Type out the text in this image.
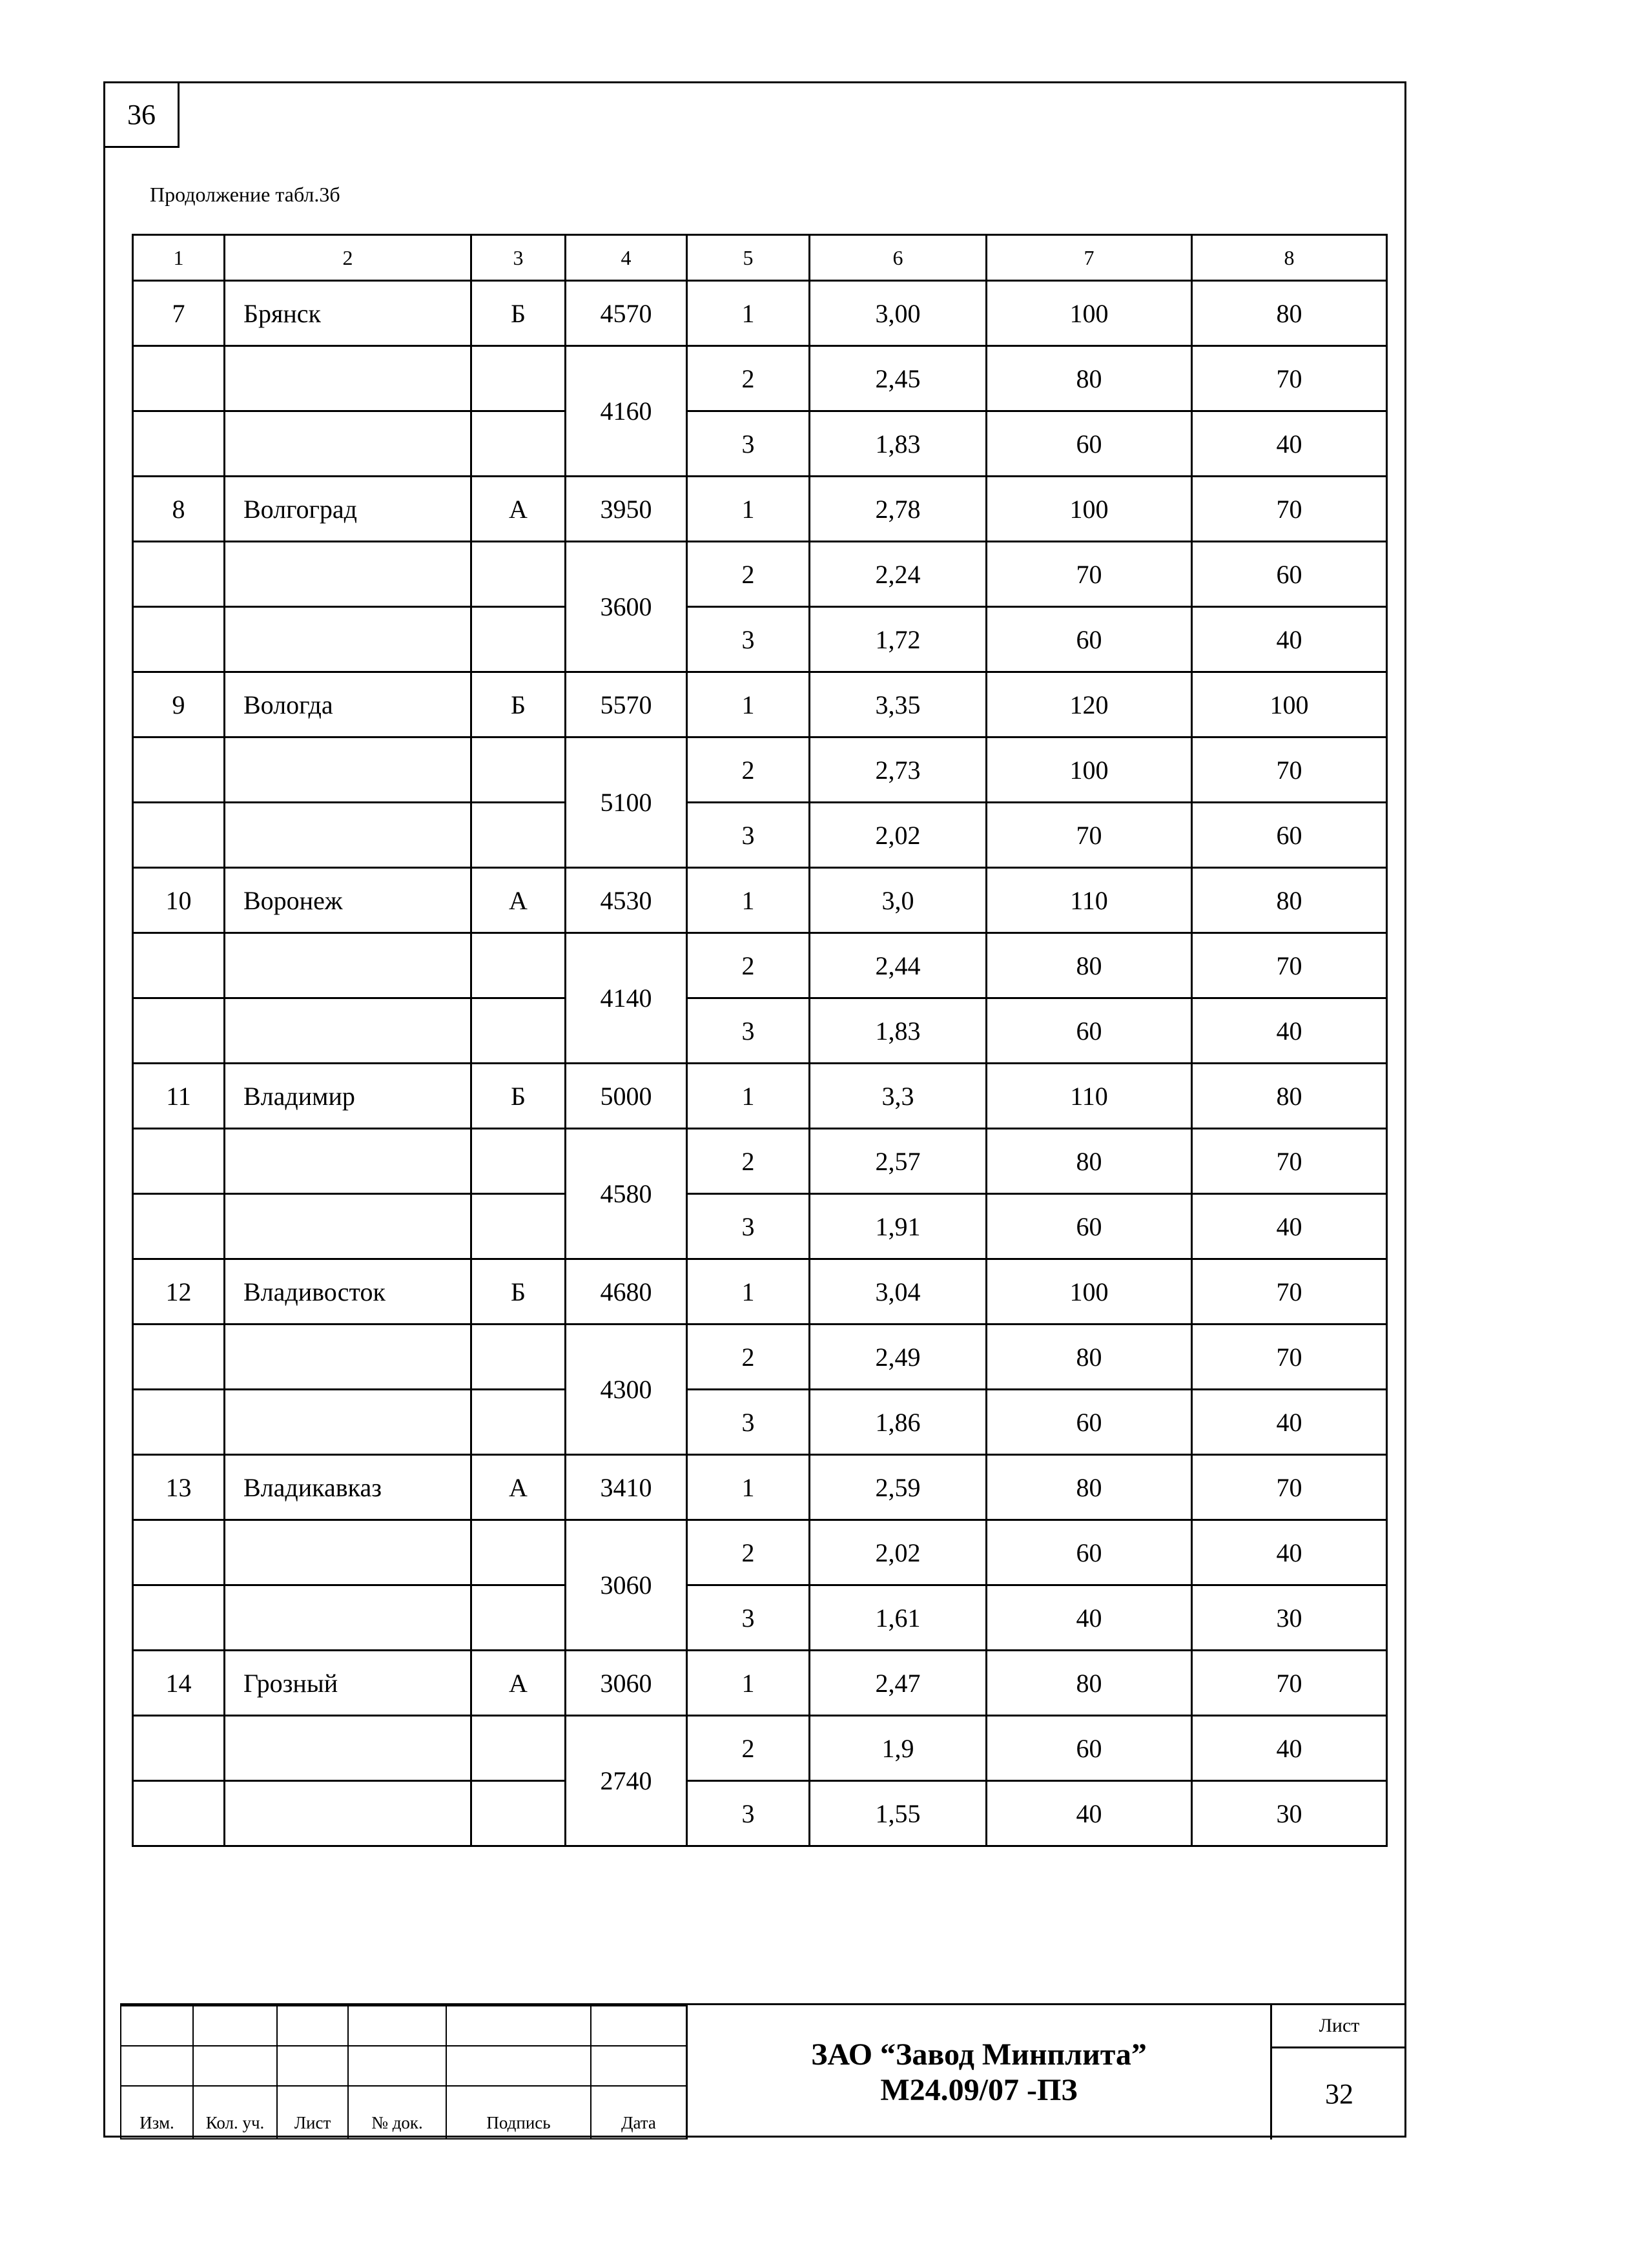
36
Продолжение табл.3б
1	2	3	4	5	6	7	8
7	Брянск	Б	4570	1	3,00	100	80
			4160	2	2,45	80	70
				3	1,83	60	40
8	Волгоград	А	3950	1	2,78	100	70
			3600	2	2,24	70	60
				3	1,72	60	40
9	Вологда	Б	5570	1	3,35	120	100
			5100	2	2,73	100	70
				3	2,02	70	60
10	Воронеж	А	4530	1	3,0	110	80
			4140	2	2,44	80	70
				3	1,83	60	40
11	Владимир	Б	5000	1	3,3	110	80
			4580	2	2,57	80	70
				3	1,91	60	40
12	Владивосток	Б	4680	1	3,04	100	70
			4300	2	2,49	80	70
				3	1,86	60	40
13	Владикавказ	А	3410	1	2,59	80	70
			3060	2	2,02	60	40
				3	1,61	40	30
14	Грозный	А	3060	1	2,47	80	70
			2740	2	1,9	60	40
				3	1,55	40	30

Изм.	Кол. уч.	Лист	№ док.	Подпись	Дата
ЗАО “Завод Минплита”
М24.09/07 -ПЗ
Лист
32
